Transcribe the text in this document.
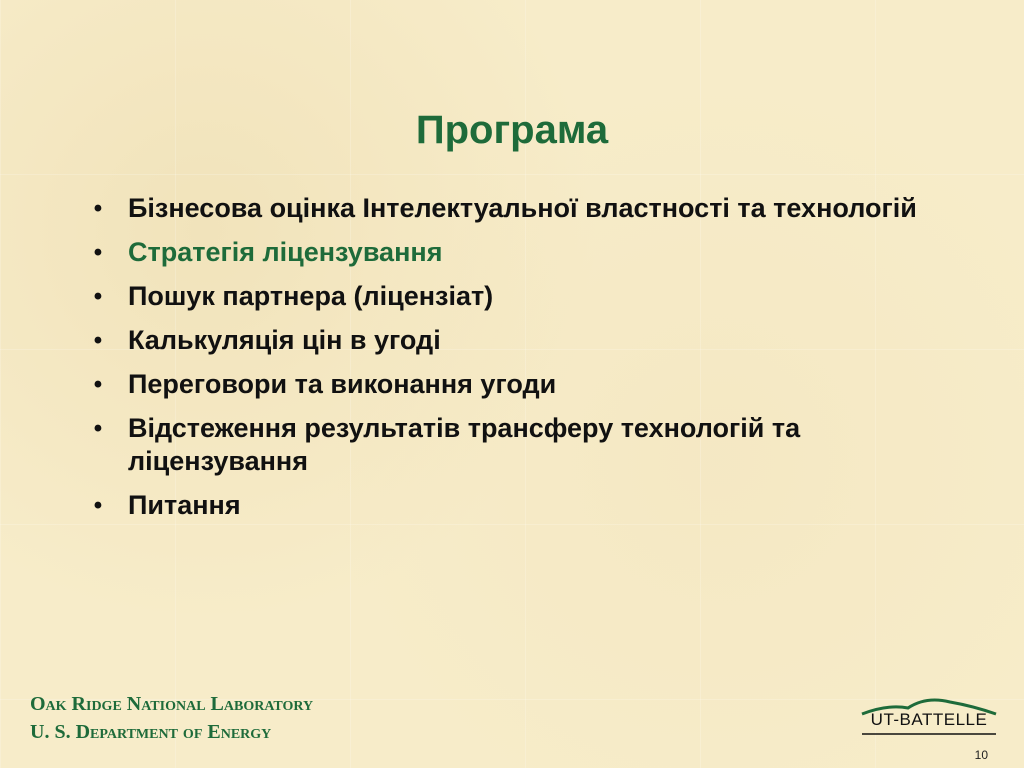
Програма
• Бізнесова оцінка Інтелектуальної властності та технологій
• Стратегія ліцензування
• Пошук партнера (ліцензіат)
• Калькуляція цін в угоді
• Переговори та виконання угоди
• Відстеження результатів трансферу технологій та ліцензування
• Питання
Oak Ridge National Laboratory
U. S. Department of Energy
UT-BATTELLE
10
